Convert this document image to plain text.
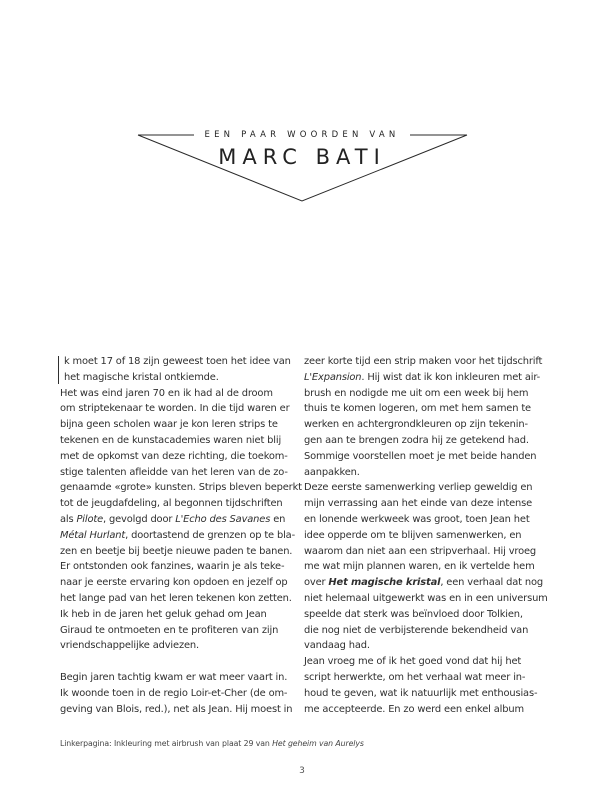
EEN PAAR WOORDEN VAN
MARC BATI

k moet 17 of 18 zijn geweest toen het idee van
het magische kristal ontkiemde.

Het was eind jaren 70 en ik had al de droom
om striptekenaar te worden. In die tijd waren er
bijna geen scholen waar je kon leren strips te
tekenen en de kunstacademies waren niet blij
met de opkomst van deze richting, die toekom-
stige talenten afleidde van het leren van de zo-
genaamde «grote» kunsten. Strips bleven beperkt
tot de jeugdafdeling, al begonnen tijdschriften
als Pilote, gevolgd door L'Echo des Savanes en
Métal Hurlant, doortastend de grenzen op te bla-
zen en beetje bij beetje nieuwe paden te banen.
Er ontstonden ook fanzines, waarin je als teke-
naar je eerste ervaring kon opdoen en jezelf op
het lange pad van het leren tekenen kon zetten.
Ik heb in de jaren het geluk gehad om Jean
Giraud te ontmoeten en te profiteren van zijn
vriendschappelijke adviezen.

Begin jaren tachtig kwam er wat meer vaart in.
Ik woonde toen in de regio Loir-et-Cher (de om-
geving van Blois, red.), net als Jean. Hij moest in

zeer korte tijd een strip maken voor het tijdschrift
L'Expansion. Hij wist dat ik kon inkleuren met air-
brush en nodigde me uit om een week bij hem
thuis te komen logeren, om met hem samen te
werken en achtergrondkleuren op zijn tekenin-
gen aan te brengen zodra hij ze getekend had.
Sommige voorstellen moet je met beide handen
aanpakken.

Deze eerste samenwerking verliep geweldig en
mijn verrassing aan het einde van deze intense
en lonende werkweek was groot, toen Jean het
idee opperde om te blijven samenwerken, en
waarom dan niet aan een stripverhaal. Hij vroeg
me wat mijn plannen waren, en ik vertelde hem
over Het magische kristal, een verhaal dat nog
niet helemaal uitgewerkt was en in een universum
speelde dat sterk was beïnvloed door Tolkien,
die nog niet de verbijsterende bekendheid van
vandaag had.

Jean vroeg me of ik het goed vond dat hij het
script herwerkte, om het verhaal wat meer in-
houd te geven, wat ik natuurlijk met enthousias-
me accepteerde. En zo werd een enkel album

Linkerpagina: Inkleuring met airbrush van plaat 29 van Het geheim van Aurelys
3
